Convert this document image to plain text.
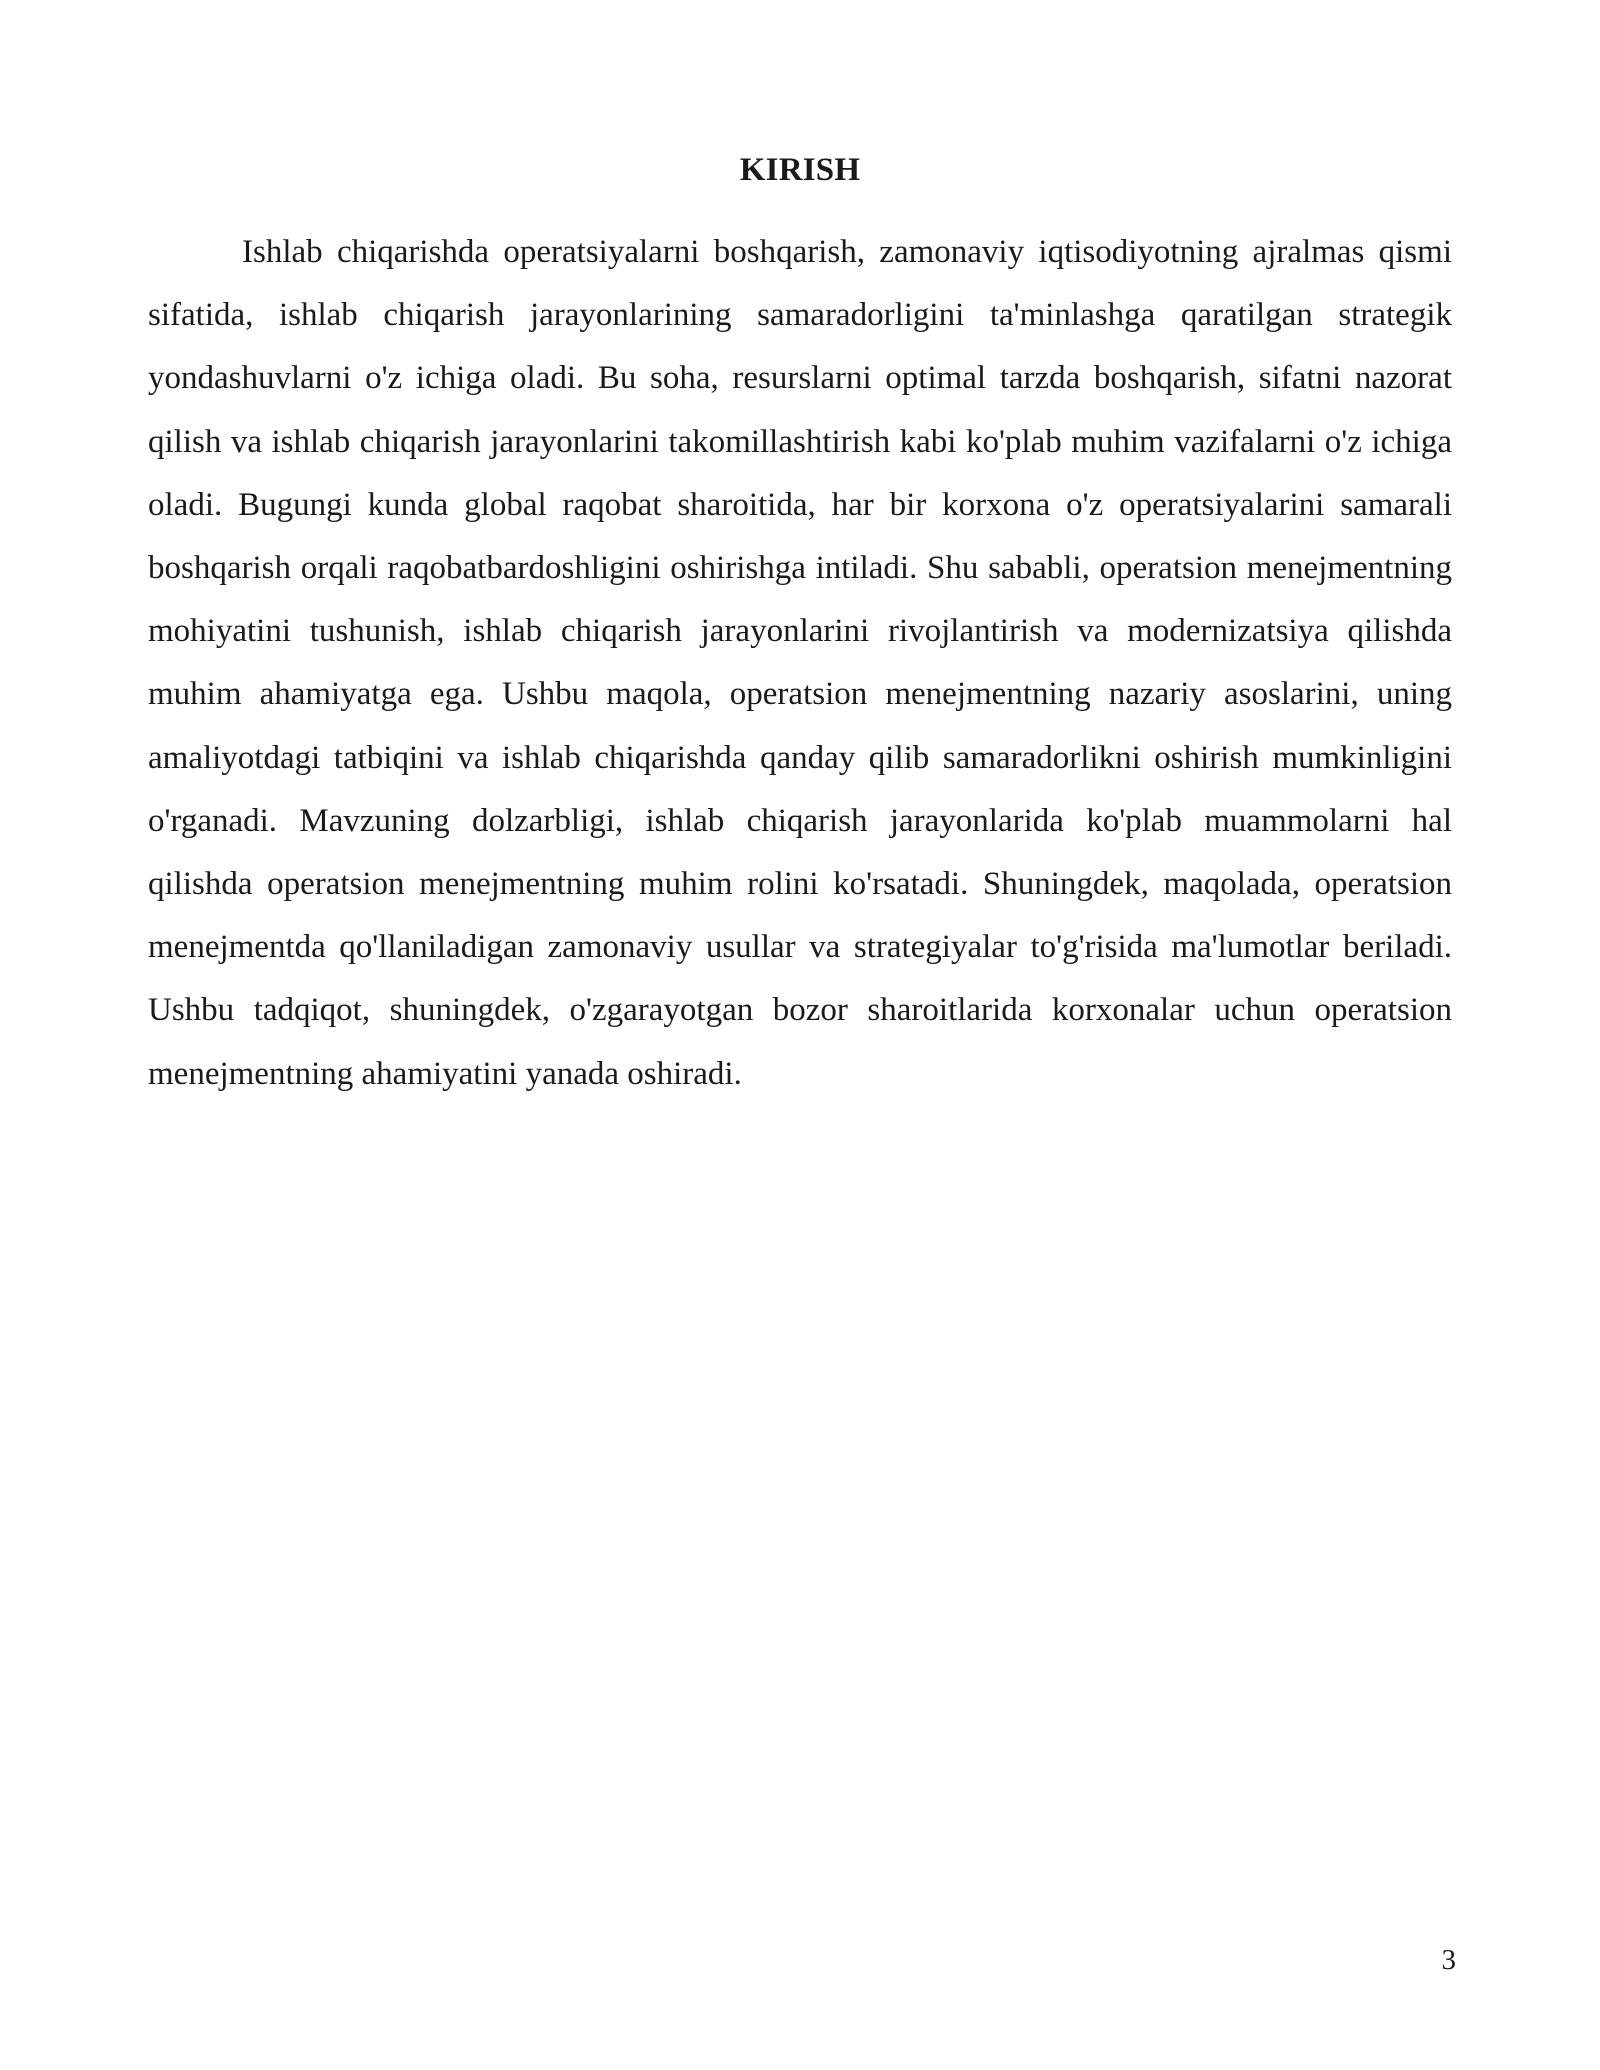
KIRISH

Ishlab chiqarishda operatsiyalarni boshqarish, zamonaviy iqtisodiyotning ajralmas qismi sifatida, ishlab chiqarish jarayonlarining samaradorligini ta'minlashga qaratilgan strategik yondashuvlarni o'z ichiga oladi. Bu soha, resurslarni optimal tarzda boshqarish, sifatni nazorat qilish va ishlab chiqarish jarayonlarini takomillashtirish kabi ko'plab muhim vazifalarni o'z ichiga oladi. Bugungi kunda global raqobat sharoitida, har bir korxona o'z operatsiyalarini samarali boshqarish orqali raqobatbardoshligini oshirishga intiladi. Shu sababli, operatsion menejmentning mohiyatini tushunish, ishlab chiqarish jarayonlarini rivojlantirish va modernizatsiya qilishda muhim ahamiyatga ega. Ushbu maqola, operatsion menejmentning nazariy asoslarini, uning amaliyotdagi tatbiqini va ishlab chiqarishda qanday qilib samaradorlikni oshirish mumkinligini o'rganadi. Mavzuning dolzarbligi, ishlab chiqarish jarayonlarida ko'plab muammolarni hal qilishda operatsion menejmentning muhim rolini ko'rsatadi. Shuningdek, maqolada, operatsion menejmentda qo'llaniladigan zamonaviy usullar va strategiyalar to'g'risida ma'lumotlar beriladi. Ushbu tadqiqot, shuningdek, o'zgarayotgan bozor sharoitlarida korxonalar uchun operatsion menejmentning ahamiyatini yanada oshiradi.

3
